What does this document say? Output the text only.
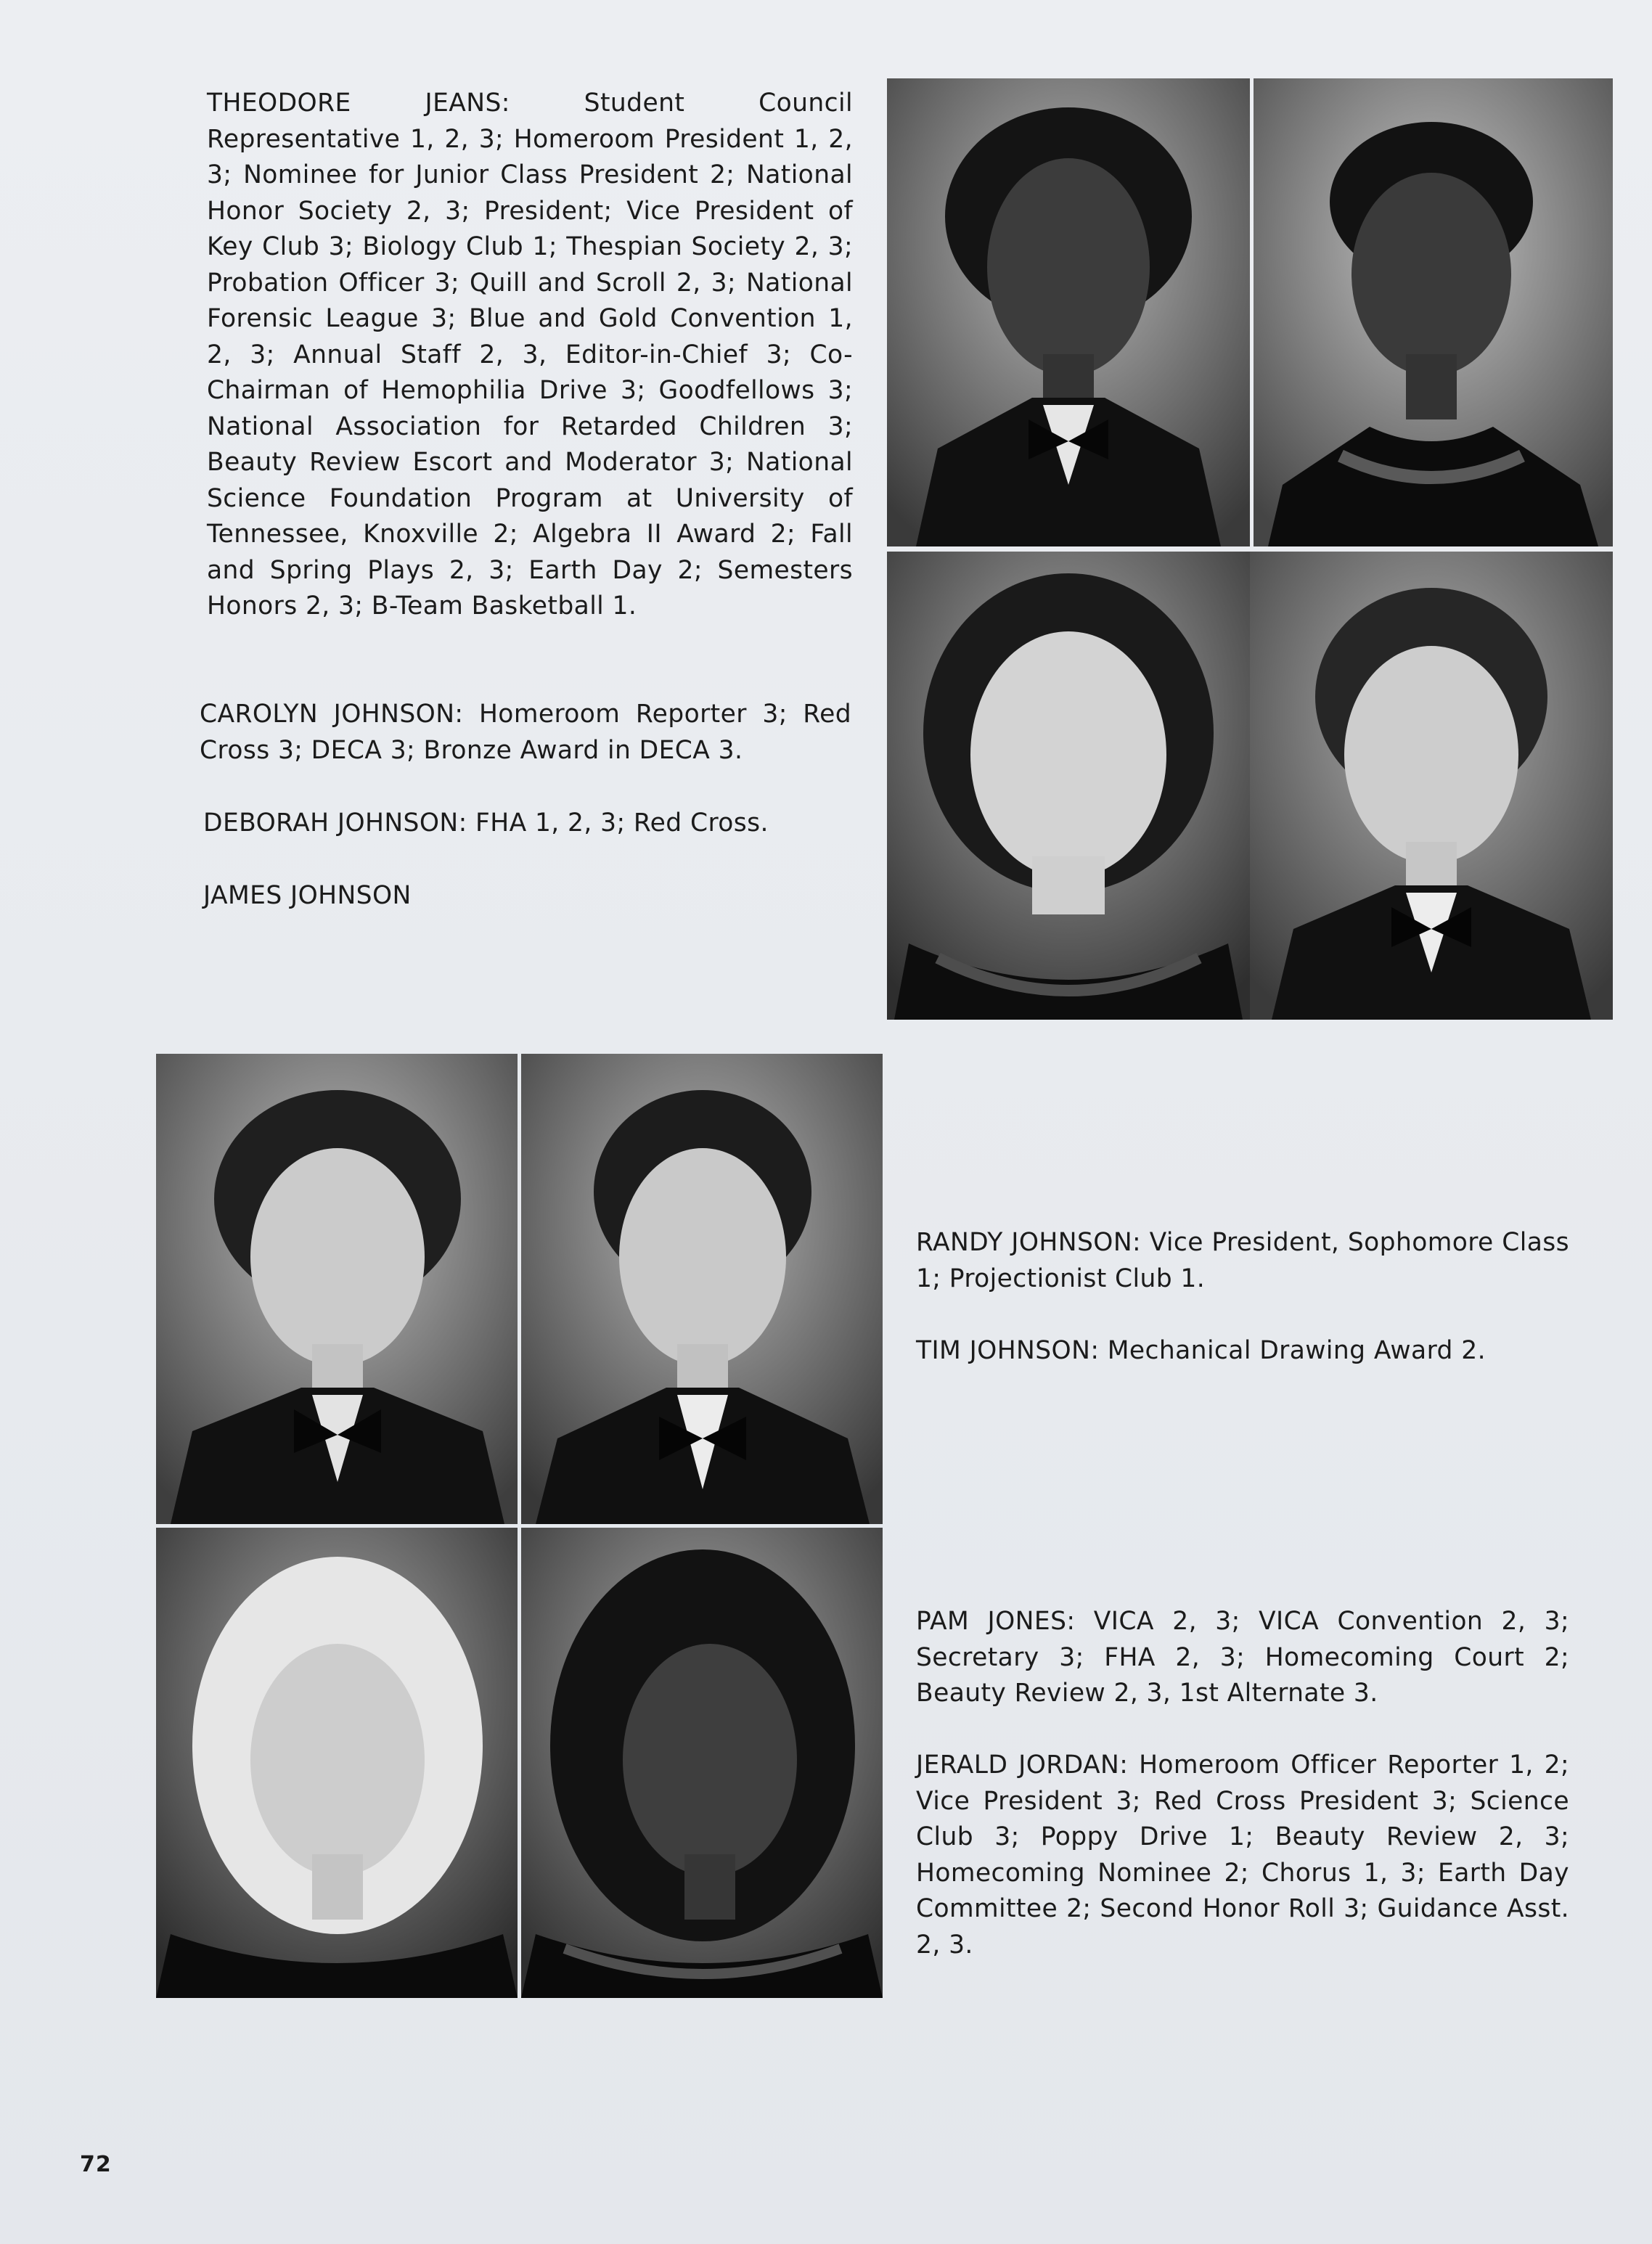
THEODORE JEANS: Student Council Representative 1, 2, 3; Homeroom President 1, 2, 3; Nominee for Junior Class President 2; National Honor Society 2, 3; President; Vice President of Key Club 3; Biology Club 1; Thespian Society 2, 3; Probation Officer 3; Quill and Scroll 2, 3; National Forensic League 3; Blue and Gold Convention 1, 2, 3; Annual Staff 2, 3, Editor-in-Chief 3; Co-Chairman of Hemophilia Drive 3; Goodfellows 3; National Association for Retarded Children 3; Beauty Review Escort and Moderator 3; National Science Foundation Program at University of Tennessee, Knoxville 2; Algebra II Award 2; Fall and Spring Plays 2, 3; Earth Day 2; Semesters Honors 2, 3; B-Team Basketball 1.

CAROLYN JOHNSON: Homeroom Reporter 3; Red Cross 3; DECA 3; Bronze Award in DECA 3.

DEBORAH JOHNSON: FHA 1, 2, 3; Red Cross.

JAMES JOHNSON

RANDY JOHNSON: Vice President, Sophomore Class 1; Projectionist Club 1.

TIM JOHNSON: Mechanical Drawing Award 2.

PAM JONES: VICA 2, 3; VICA Convention 2, 3; Secretary 3; FHA 2, 3; Homecoming Court 2; Beauty Review 2, 3, 1st Alternate 3.

JERALD JORDAN: Homeroom Officer Reporter 1, 2; Vice President 3; Red Cross President 3; Science Club 3; Poppy Drive 1; Beauty Review 2, 3; Homecoming Nominee 2; Chorus 1, 3; Earth Day Committee 2; Second Honor Roll 3; Guidance Asst. 2, 3.

72
